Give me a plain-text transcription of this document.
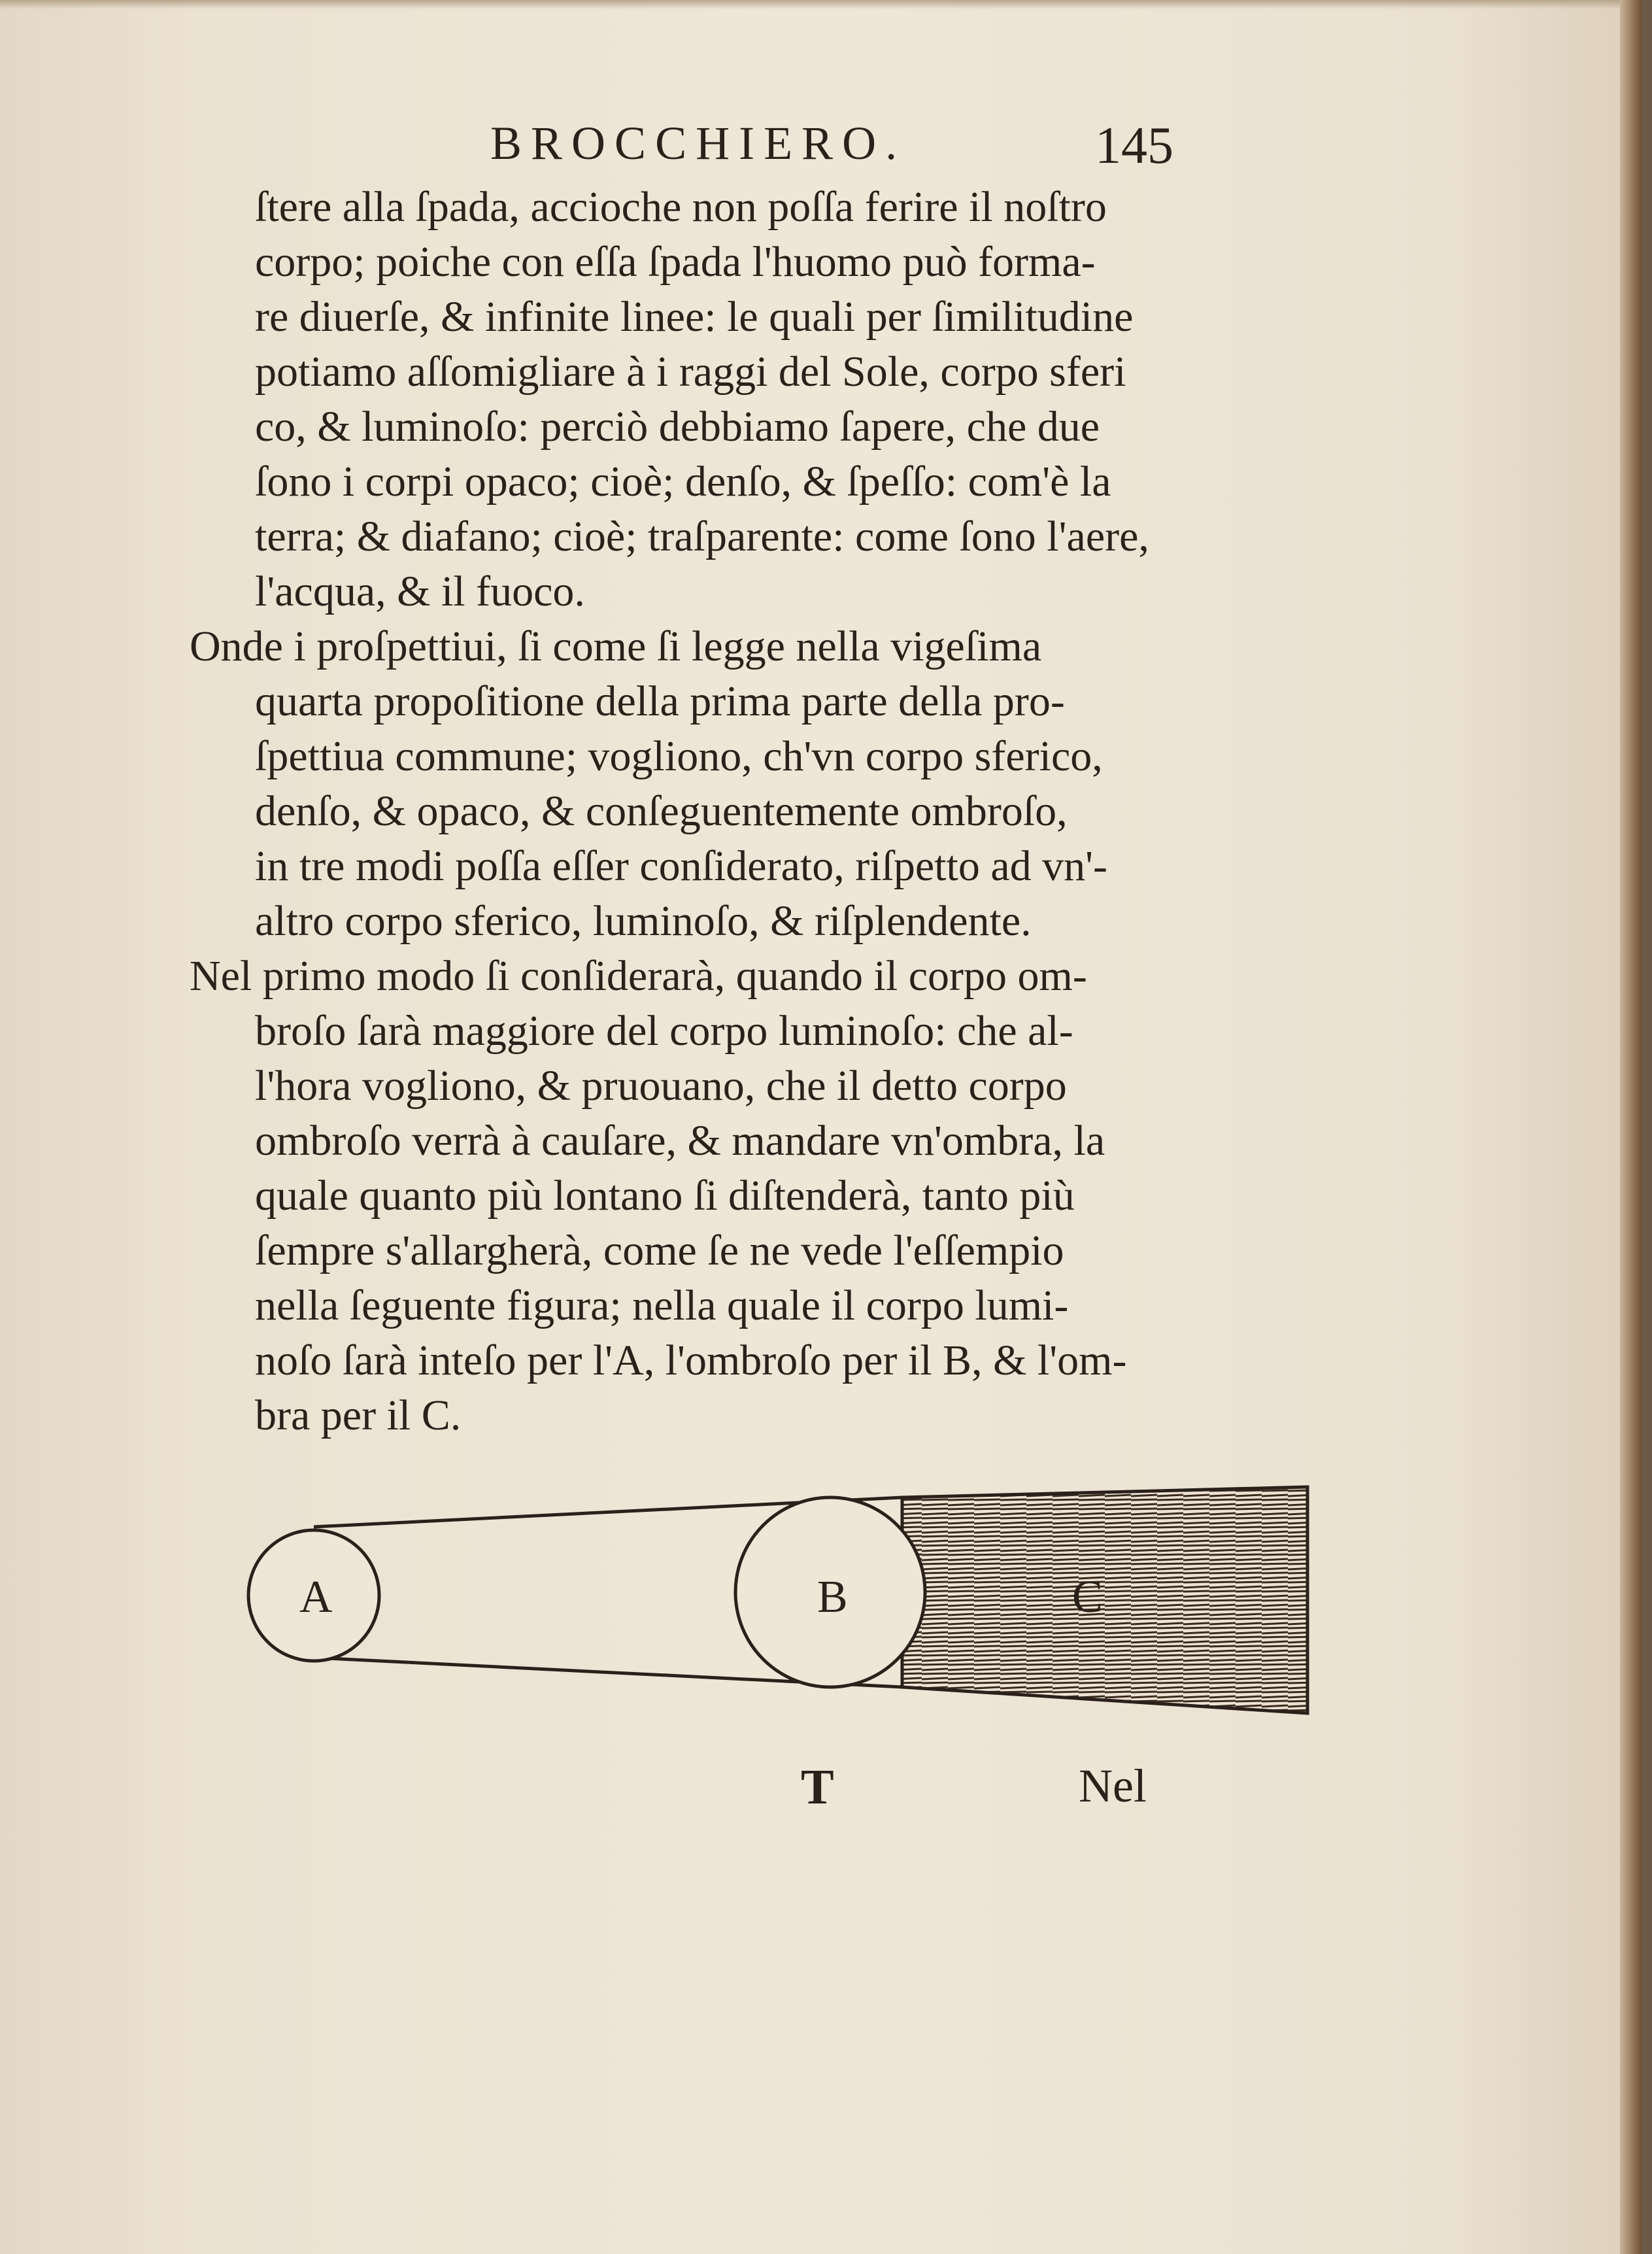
BROCCHIERO.	145
ſtere alla ſpada, accioche non poſſa ferire il noſtro
corpo; poiche con eſſa ſpada l'huomo può forma-
re diuerſe, & infinite linee: le quali per ſimilitudine
potiamo aſſomigliare à i raggi del Sole, corpo sferi
co, & luminoſo: perciò debbiamo ſapere, che due
ſono i corpi opaco; cioè; denſo, & ſpeſſo: com'è la
terra; & diafano; cioè; traſparente: come ſono l'aere,
l'acqua, & il fuoco.
Onde i proſpettiui, ſi come ſi legge nella vigeſima
quarta propoſitione della prima parte della pro-
ſpettiua commune; vogliono, ch'vn corpo sferico,
denſo, & opaco, & conſeguentemente ombroſo,
in tre modi poſſa eſſer conſiderato, riſpetto ad vn'-
altro corpo sferico, luminoſo, & riſplendente.
Nel primo modo ſi conſiderarà, quando il corpo om-
broſo ſarà maggiore del corpo luminoſo: che al-
l'hora vogliono, & pruouano, che il detto corpo
ombroſo verrà à cauſare, & mandare vn'ombra, la
quale quanto più lontano ſi diſtenderà, tanto più
ſempre s'allargherà, come ſe ne vede l'eſſempio
nella ſeguente figura; nella quale il corpo lumi-
noſo ſarà inteſo per l'A, l'ombroſo per il B, & l'om-
bra per il C.
A	B	C
T	Nel
